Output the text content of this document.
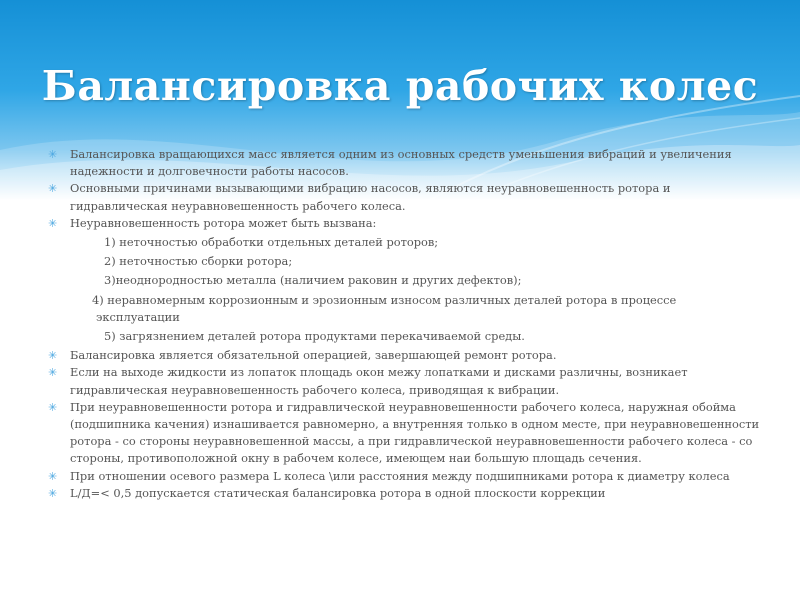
Балансировка рабочих колес
✳ Балансировка вращающихся масс является одним из основных средств уменьшения вибраций и увеличения надежности и долговечности работы насосов.
✳ Основными причинами вызывающими вибрацию насосов, являются неуравновешенность ротора и гидравлическая неуравновешенность рабочего колеса.
✳ Неуравновешенность ротора может быть вызвана:
1) неточностью обработки отдельных деталей роторов;
2) неточностью сборки ротора;
3)неоднородностью металла (наличием раковин и других дефектов);
4) неравномерным коррозионным и эрозионным износом различных деталей ротора в процессе
эксплуатации
5) загрязнением деталей ротора продуктами перекачиваемой среды.
✳ Балансировка является обязательной операцией, завершающей ремонт ротора.
✳ Если на выходе жидкости из лопаток площадь окон межу лопатками и дисками различны, возникает гидравлическая неуравновешенность рабочего колеса, приводящая к вибрации.
✳ При неуравновешенности ротора и гидравлической неуравновешенности рабочего колеса, наружная обойма (подшипника качения) изнашивается равномерно, а внутренняя только в одном месте, при неуравновешенности ротора - со стороны неуравновешенной массы, а при гидравлической неуравновешенности рабочего колеса - со стороны, противоположной окну в рабочем колесе, имеющем наи большую площадь сечения.
✳ При отношении осевого размера L колеса \или расстояния между подшипниками ротора к диаметру колеса
✳ L/Д=< 0,5 допускается статическая балансировка ротора в одной плоскости коррекции
